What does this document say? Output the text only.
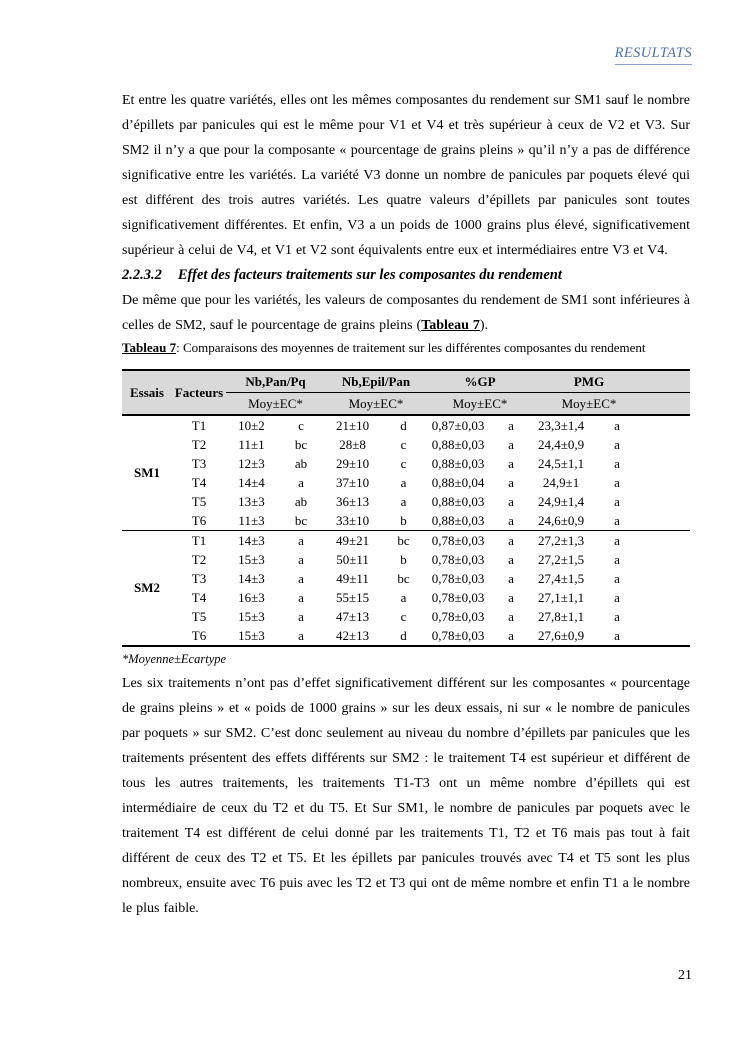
RESULTATS

Et entre les quatre variétés, elles ont les mêmes composantes du rendement sur SM1 sauf le nombre d’épillets par panicules qui est le même pour V1 et V4 et très supérieur à ceux de V2 et V3. Sur SM2 il n’y a que pour la composante « pourcentage de grains pleins » qu’il n’y a pas de différence significative entre les variétés. La variété V3 donne un nombre de panicules par poquets élevé qui est différent des trois autres variétés. Les quatre valeurs d’épillets par panicules sont toutes significativement différentes. Et enfin, V3 a un poids de 1000 grains plus élevé, significativement supérieur à celui de V4, et V1 et V2 sont équivalents entre eux et intermédiaires entre V3 et V4.

2.2.3.2 Effet des facteurs traitements sur les composantes du rendement

De même que pour les variétés, les valeurs de composantes du rendement de SM1 sont inférieures à celles de SM2, sauf le pourcentage de grains pleins (Tableau 7).

Tableau 7: Comparaisons des moyennes de traitement sur les différentes composantes du rendement

Essais	Facteurs	Nb,Pan/Pq		Nb,Epil/Pan		%GP		PMG		
		Moy±EC*		Moy±EC*		Moy±EC*		Moy±EC*		
SM1	T1	10±2	c	21±10	d	0,87±0,03	a	23,3±1,4	a	
	T2	11±1	bc	28±8	c	0,88±0,03	a	24,4±0,9	a	
	T3	12±3	ab	29±10	c	0,88±0,03	a	24,5±1,1	a	
	T4	14±4	a	37±10	a	0,88±0,04	a	24,9±1	a	
	T5	13±3	ab	36±13	a	0,88±0,03	a	24,9±1,4	a	
	T6	11±3	bc	33±10	b	0,88±0,03	a	24,6±0,9	a	
SM2	T1	14±3	a	49±21	bc	0,78±0,03	a	27,2±1,3	a	
	T2	15±3	a	50±11	b	0,78±0,03	a	27,2±1,5	a	
	T3	14±3	a	49±11	bc	0,78±0,03	a	27,4±1,5	a	
	T4	16±3	a	55±15	a	0,78±0,03	a	27,1±1,1	a	
	T5	15±3	a	47±13	c	0,78±0,03	a	27,8±1,1	a	
	T6	15±3	a	42±13	d	0,78±0,03	a	27,6±0,9	a	

*Moyenne±Ecartype

Les six traitements n’ont pas d’effet significativement différent sur les composantes « pourcentage de grains pleins » et « poids de 1000 grains » sur les deux essais, ni sur « le nombre de panicules par poquets » sur SM2. C’est donc seulement au niveau du nombre d’épillets par panicules que les traitements présentent des effets différents sur SM2 : le traitement T4 est supérieur et différent de tous les autres traitements, les traitements T1-T3 ont un même nombre d’épillets qui est intermédiaire de ceux du T2 et du T5. Et Sur SM1, le nombre de panicules par poquets avec le traitement T4 est différent de celui donné par les traitements T1, T2 et T6 mais pas tout à fait différent de ceux des T2 et T5. Et les épillets par panicules trouvés avec T4 et T5 sont les plus nombreux, ensuite avec T6 puis avec les T2 et T3 qui ont de même nombre et enfin T1 a le nombre le plus faible.

21
